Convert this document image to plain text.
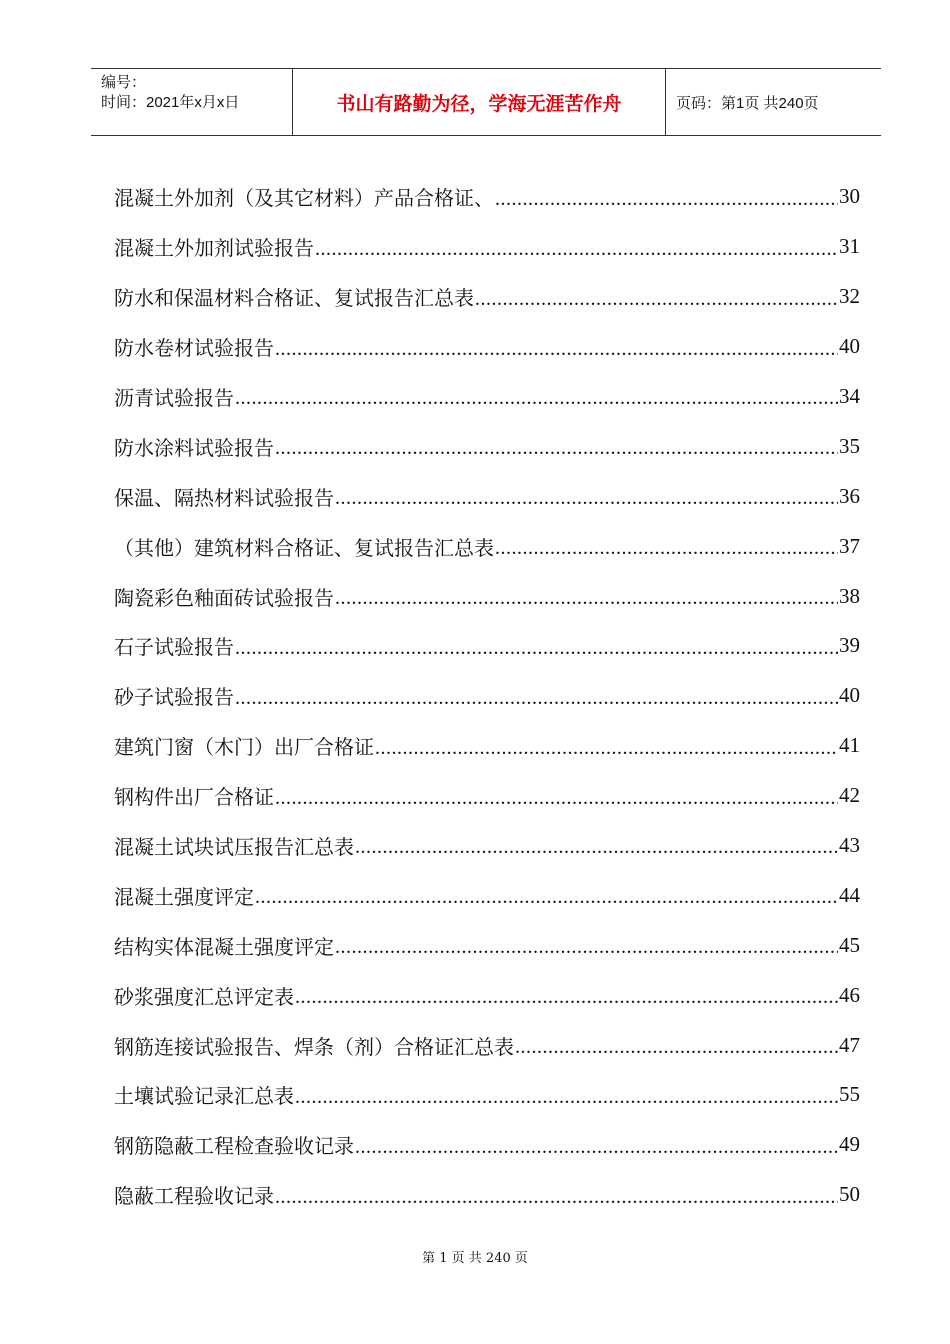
编号：
时间：2021年x月x日	书山有路勤为径，学海无涯苦作舟	页码：第1页 共240页
混凝土外加剂（及其它材料）产品合格证、 .....	30
混凝土外加剂试验报告 .....	31
防水和保温材料合格证、复试报告汇总表 .....	32
防水卷材试验报告 .....	40
沥青试验报告 .....	34
防水涂料试验报告 .....	35
保温、隔热材料试验报告 .....	36
（其他）建筑材料合格证、复试报告汇总表 .....	37
陶瓷彩色釉面砖试验报告 .....	38
石子试验报告 .....	39
砂子试验报告 .....	40
建筑门窗（木门）出厂合格证 .....	41
钢构件出厂合格证 .....	42
混凝土试块试压报告汇总表 .....	43
混凝土强度评定 .....	44
结构实体混凝土强度评定 .....	45
砂浆强度汇总评定表 .....	46
钢筋连接试验报告、焊条（剂）合格证汇总表 .....	47
土壤试验记录汇总表 .....	55
钢筋隐蔽工程检查验收记录 .....	49
隐蔽工程验收记录 .....	50
第 1 页 共 240 页
